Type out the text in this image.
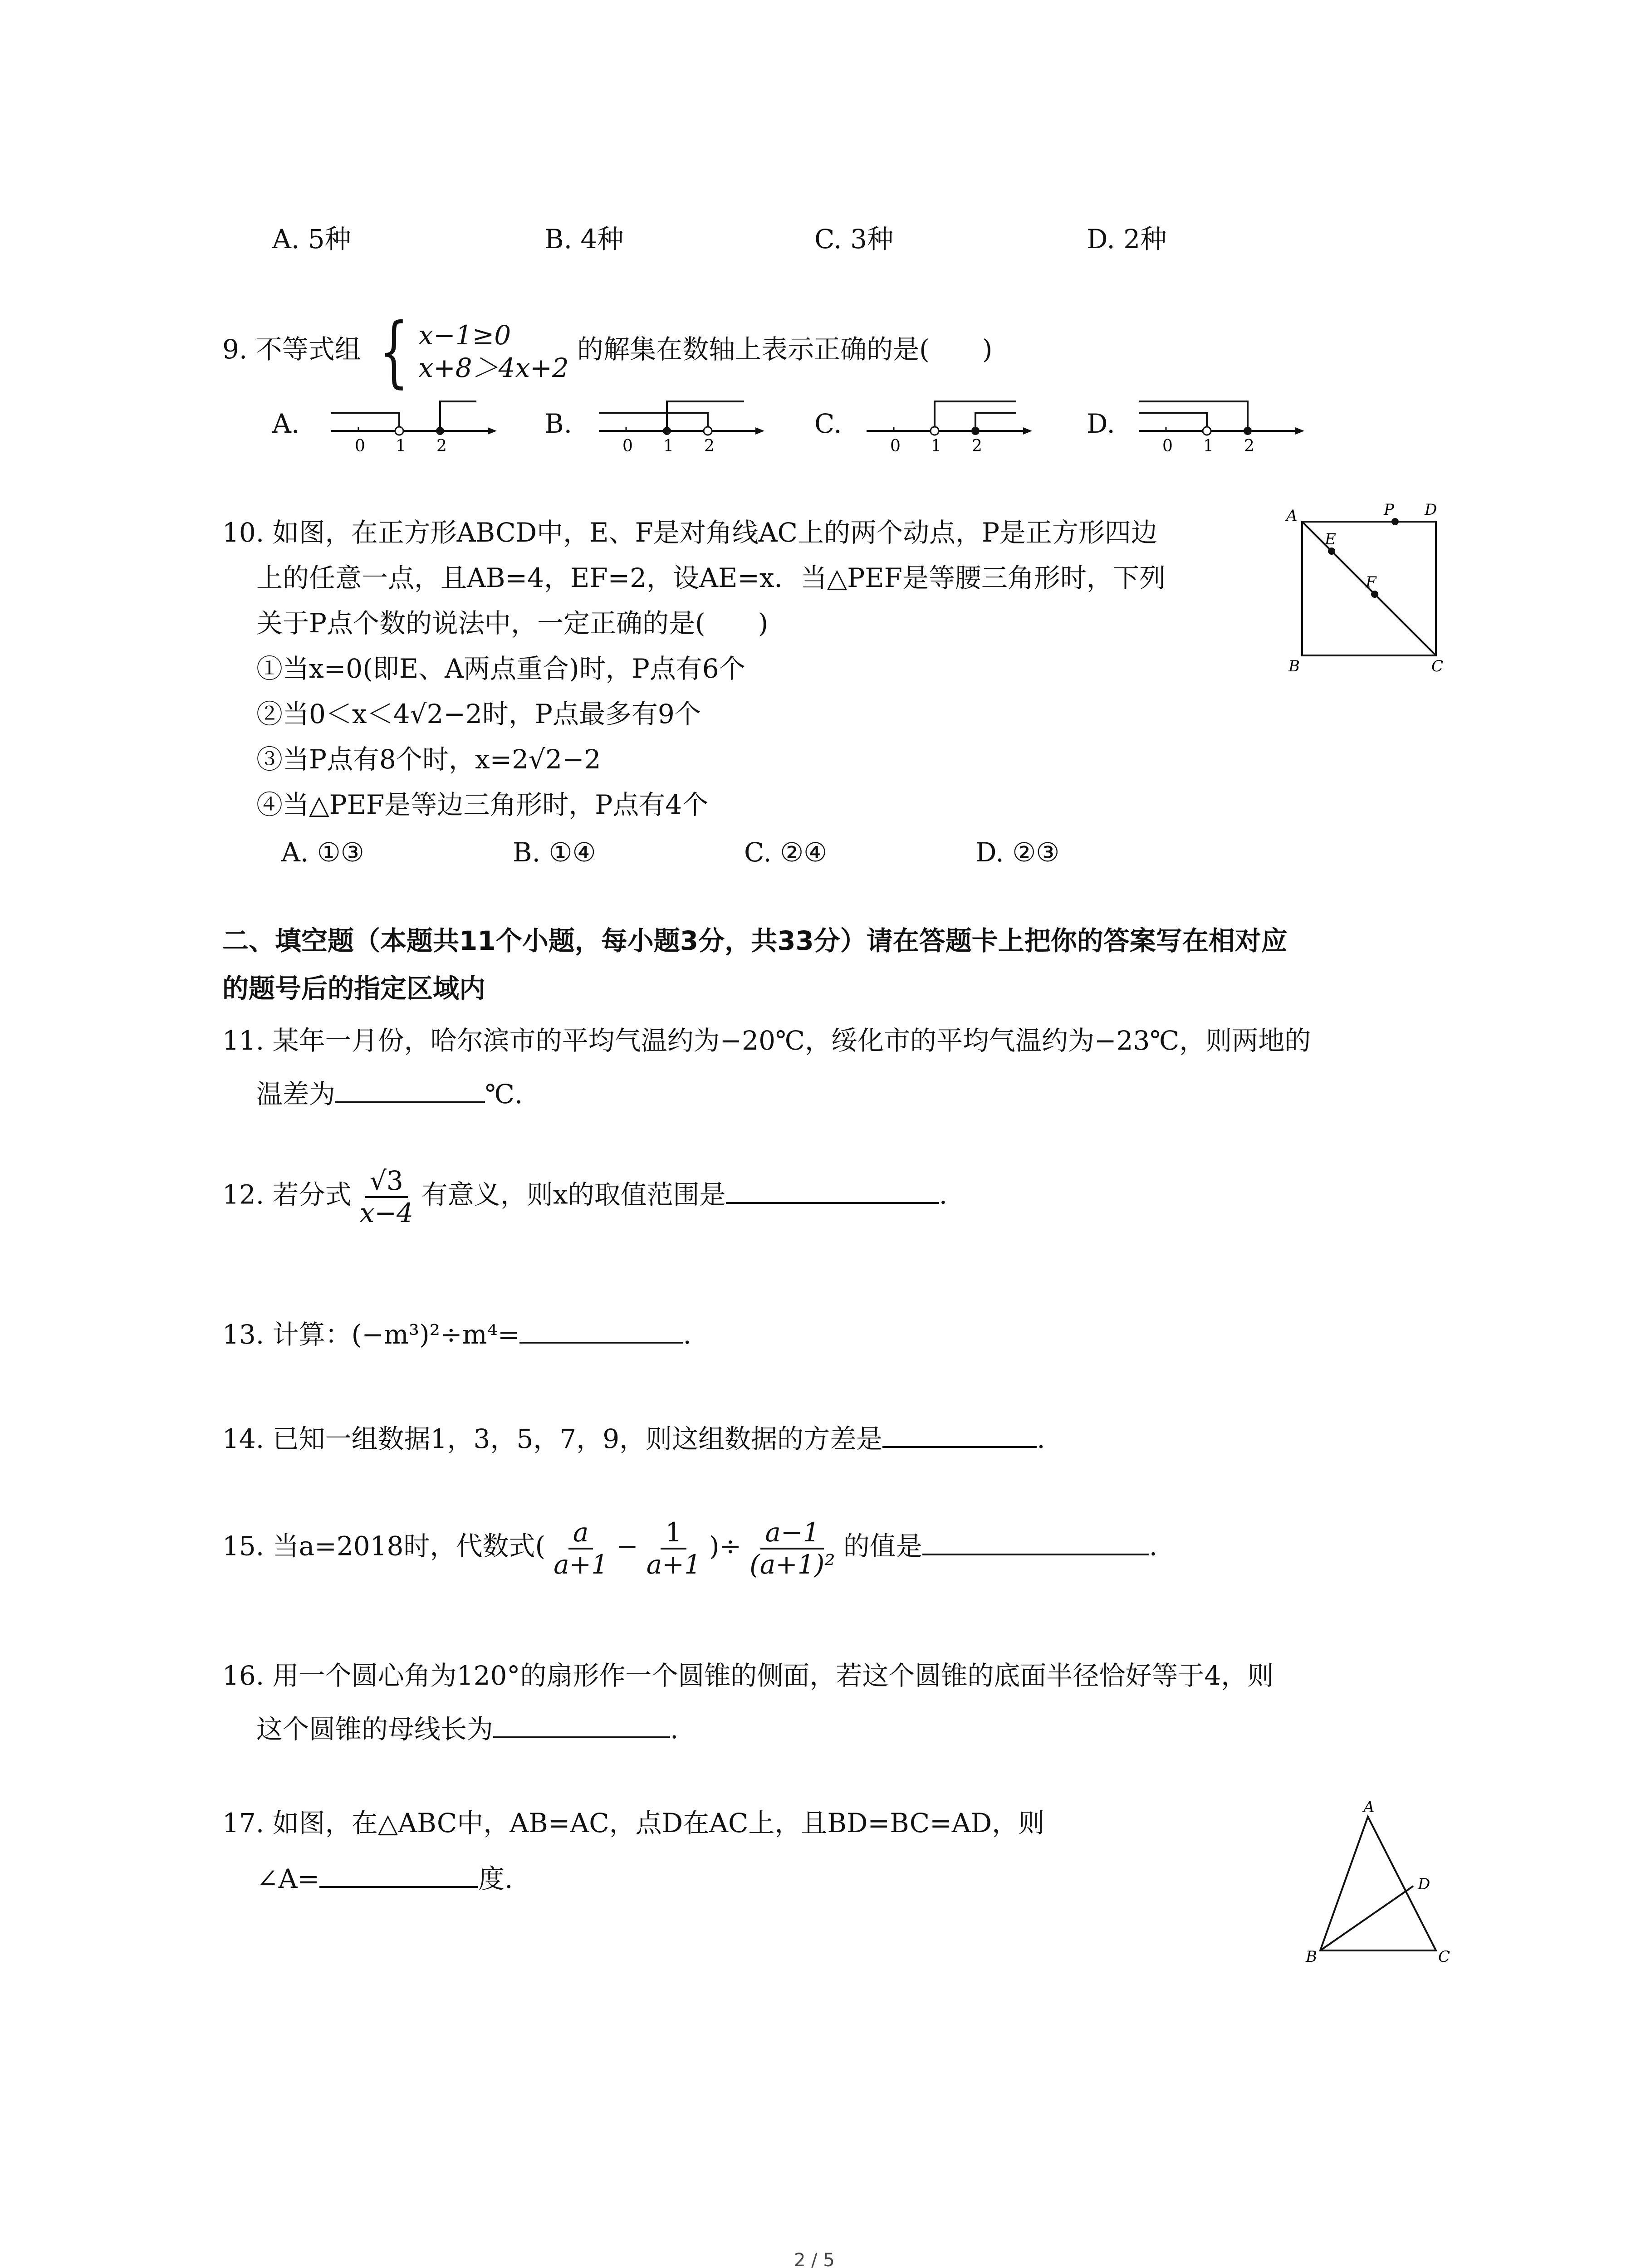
A. 5种	B. 4种	C. 3种	D. 2种
9. 不等式组 { x−1≥0
x+8＞4x+2
的解集在数轴上表示正确的是(　　)
A.	B.	C.	D.
0 1 2	0 1 2	0 1 2	0 1 2
10. 如图，在正方形ABCD中，E、F是对角线AC上的两个动点，P是正方形四边
上的任意一点，且AB=4，EF=2，设AE=x．当△PEF是等腰三角形时，下列
关于P点个数的说法中，一定正确的是(　　)
①当x=0(即E、A两点重合)时，P点有6个
②当0＜x＜4√2−2时，P点最多有9个
③当P点有8个时，x=2√2−2
④当△PEF是等边三角形时，P点有4个
A. ①③	B. ①④	C. ②④	D. ②③
A	P D
E
F
B	C
二、填空题（本题共11个小题，每小题3分，共33分）请在答题卡上把你的答案写在相对应
的题号后的指定区域内
11. 某年一月份，哈尔滨市的平均气温约为−20℃，绥化市的平均气温约为−23℃，则两地的
温差为	℃.
12. 若分式 $\frac{√3}{x-4}$ 有意义，则x的取值范围是	.
13. 计算：(−m³)²÷m⁴=	.
14. 已知一组数据1，3，5，7，9，则这组数据的方差是	.
15. 当a=2018时，代数式( $\frac{a}{a+1} - \frac{1}{a+1}$ )÷ $\frac{a-1}{\text{(a+1)²}}$ 的值是	.
16. 用一个圆心角为120°的扇形作一个圆锥的侧面，若这个圆锥的底面半径恰好等于4，则
这个圆锥的母线长为	.
17. 如图，在△ABC中，AB=AC，点D在AC上，且BD=BC=AD，则
∠A=	度.
A
D
B	C
2 / 5
